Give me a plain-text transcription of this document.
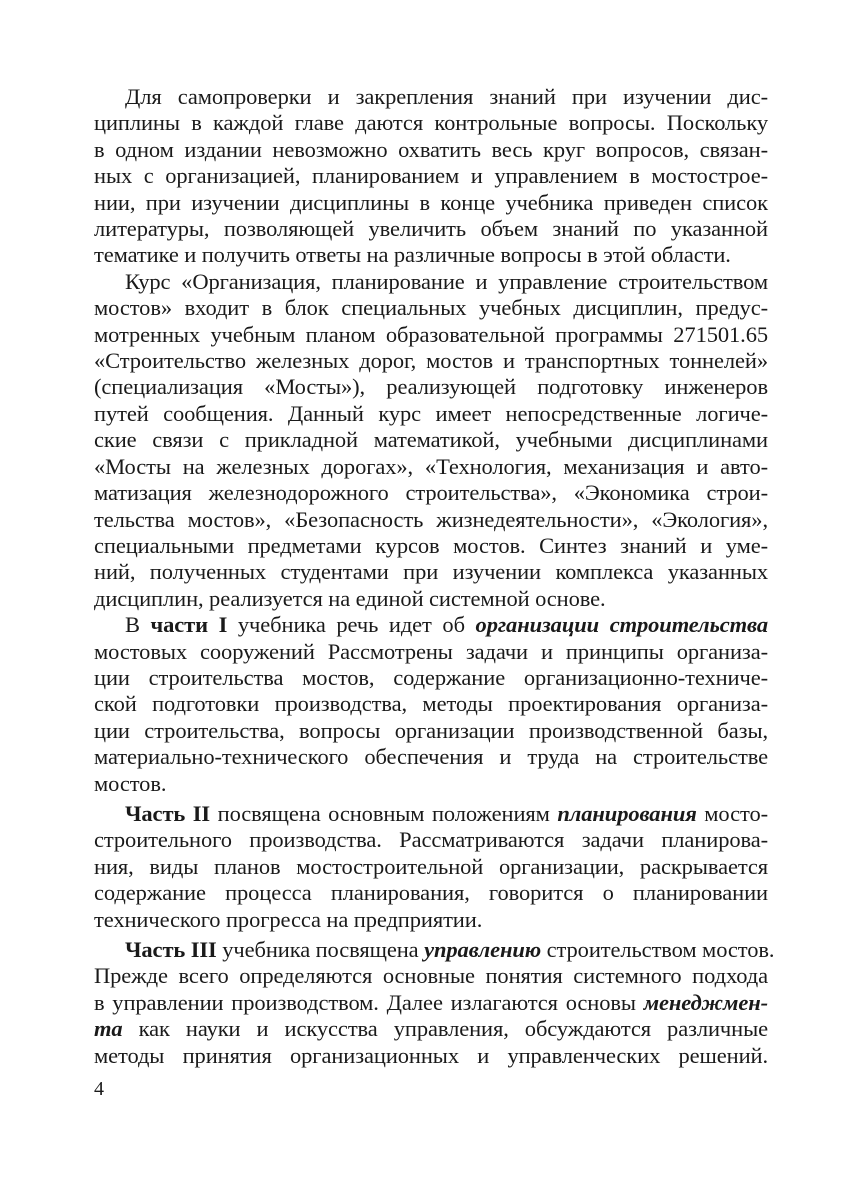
Для самопроверки и закрепления знаний при изучении дис-
циплины в каждой главе даются контрольные вопросы. Поскольку
в одном издании невозможно охватить весь круг вопросов, связан-
ных с организацией, планированием и управлением в мостострое-
нии, при изучении дисциплины в конце учебника приведен список
литературы, позволяющей увеличить объем знаний по указанной
тематике и получить ответы на различные вопросы в этой области.

Курс «Организация, планирование и управление строительством
мостов» входит в блок специальных учебных дисциплин, предус-
мотренных учебным планом образовательной программы 271501.65
«Строительство железных дорог, мостов и транспортных тоннелей»
(специализация «Мосты»), реализующей подготовку инженеров
путей сообщения. Данный курс имеет непосредственные логиче-
ские связи с прикладной математикой, учебными дисциплинами
«Мосты на железных дорогах», «Технология, механизация и авто-
матизация железнодорожного строительства», «Экономика строи-
тельства мостов», «Безопасность жизнедеятельности», «Экология»,
специальными предметами курсов мостов. Синтез знаний и уме-
ний, полученных студентами при изучении комплекса указанных
дисциплин, реализуется на единой системной основе.

В части I учебника речь идет об организации строительства
мостовых сооружений Рассмотрены задачи и принципы организа-
ции строительства мостов, содержание организационно-техниче-
ской подготовки производства, методы проектирования организа-
ции строительства, вопросы организации производственной базы,
материально-технического обеспечения и труда на строительстве
мостов.

Часть II посвящена основным положениям планирования мосто-
строительного производства. Рассматриваются задачи планирова-
ния, виды планов мостостроительной организации, раскрывается
содержание процесса планирования, говорится о планировании
технического прогресса на предприятии.

Часть III учебника посвящена управлению строительством мостов.
Прежде всего определяются основные понятия системного подхода
в управлении производством. Далее излагаются основы менеджмен-
та как науки и искусства управления, обсуждаются различные
методы принятия организационных и управленческих решений.

4
